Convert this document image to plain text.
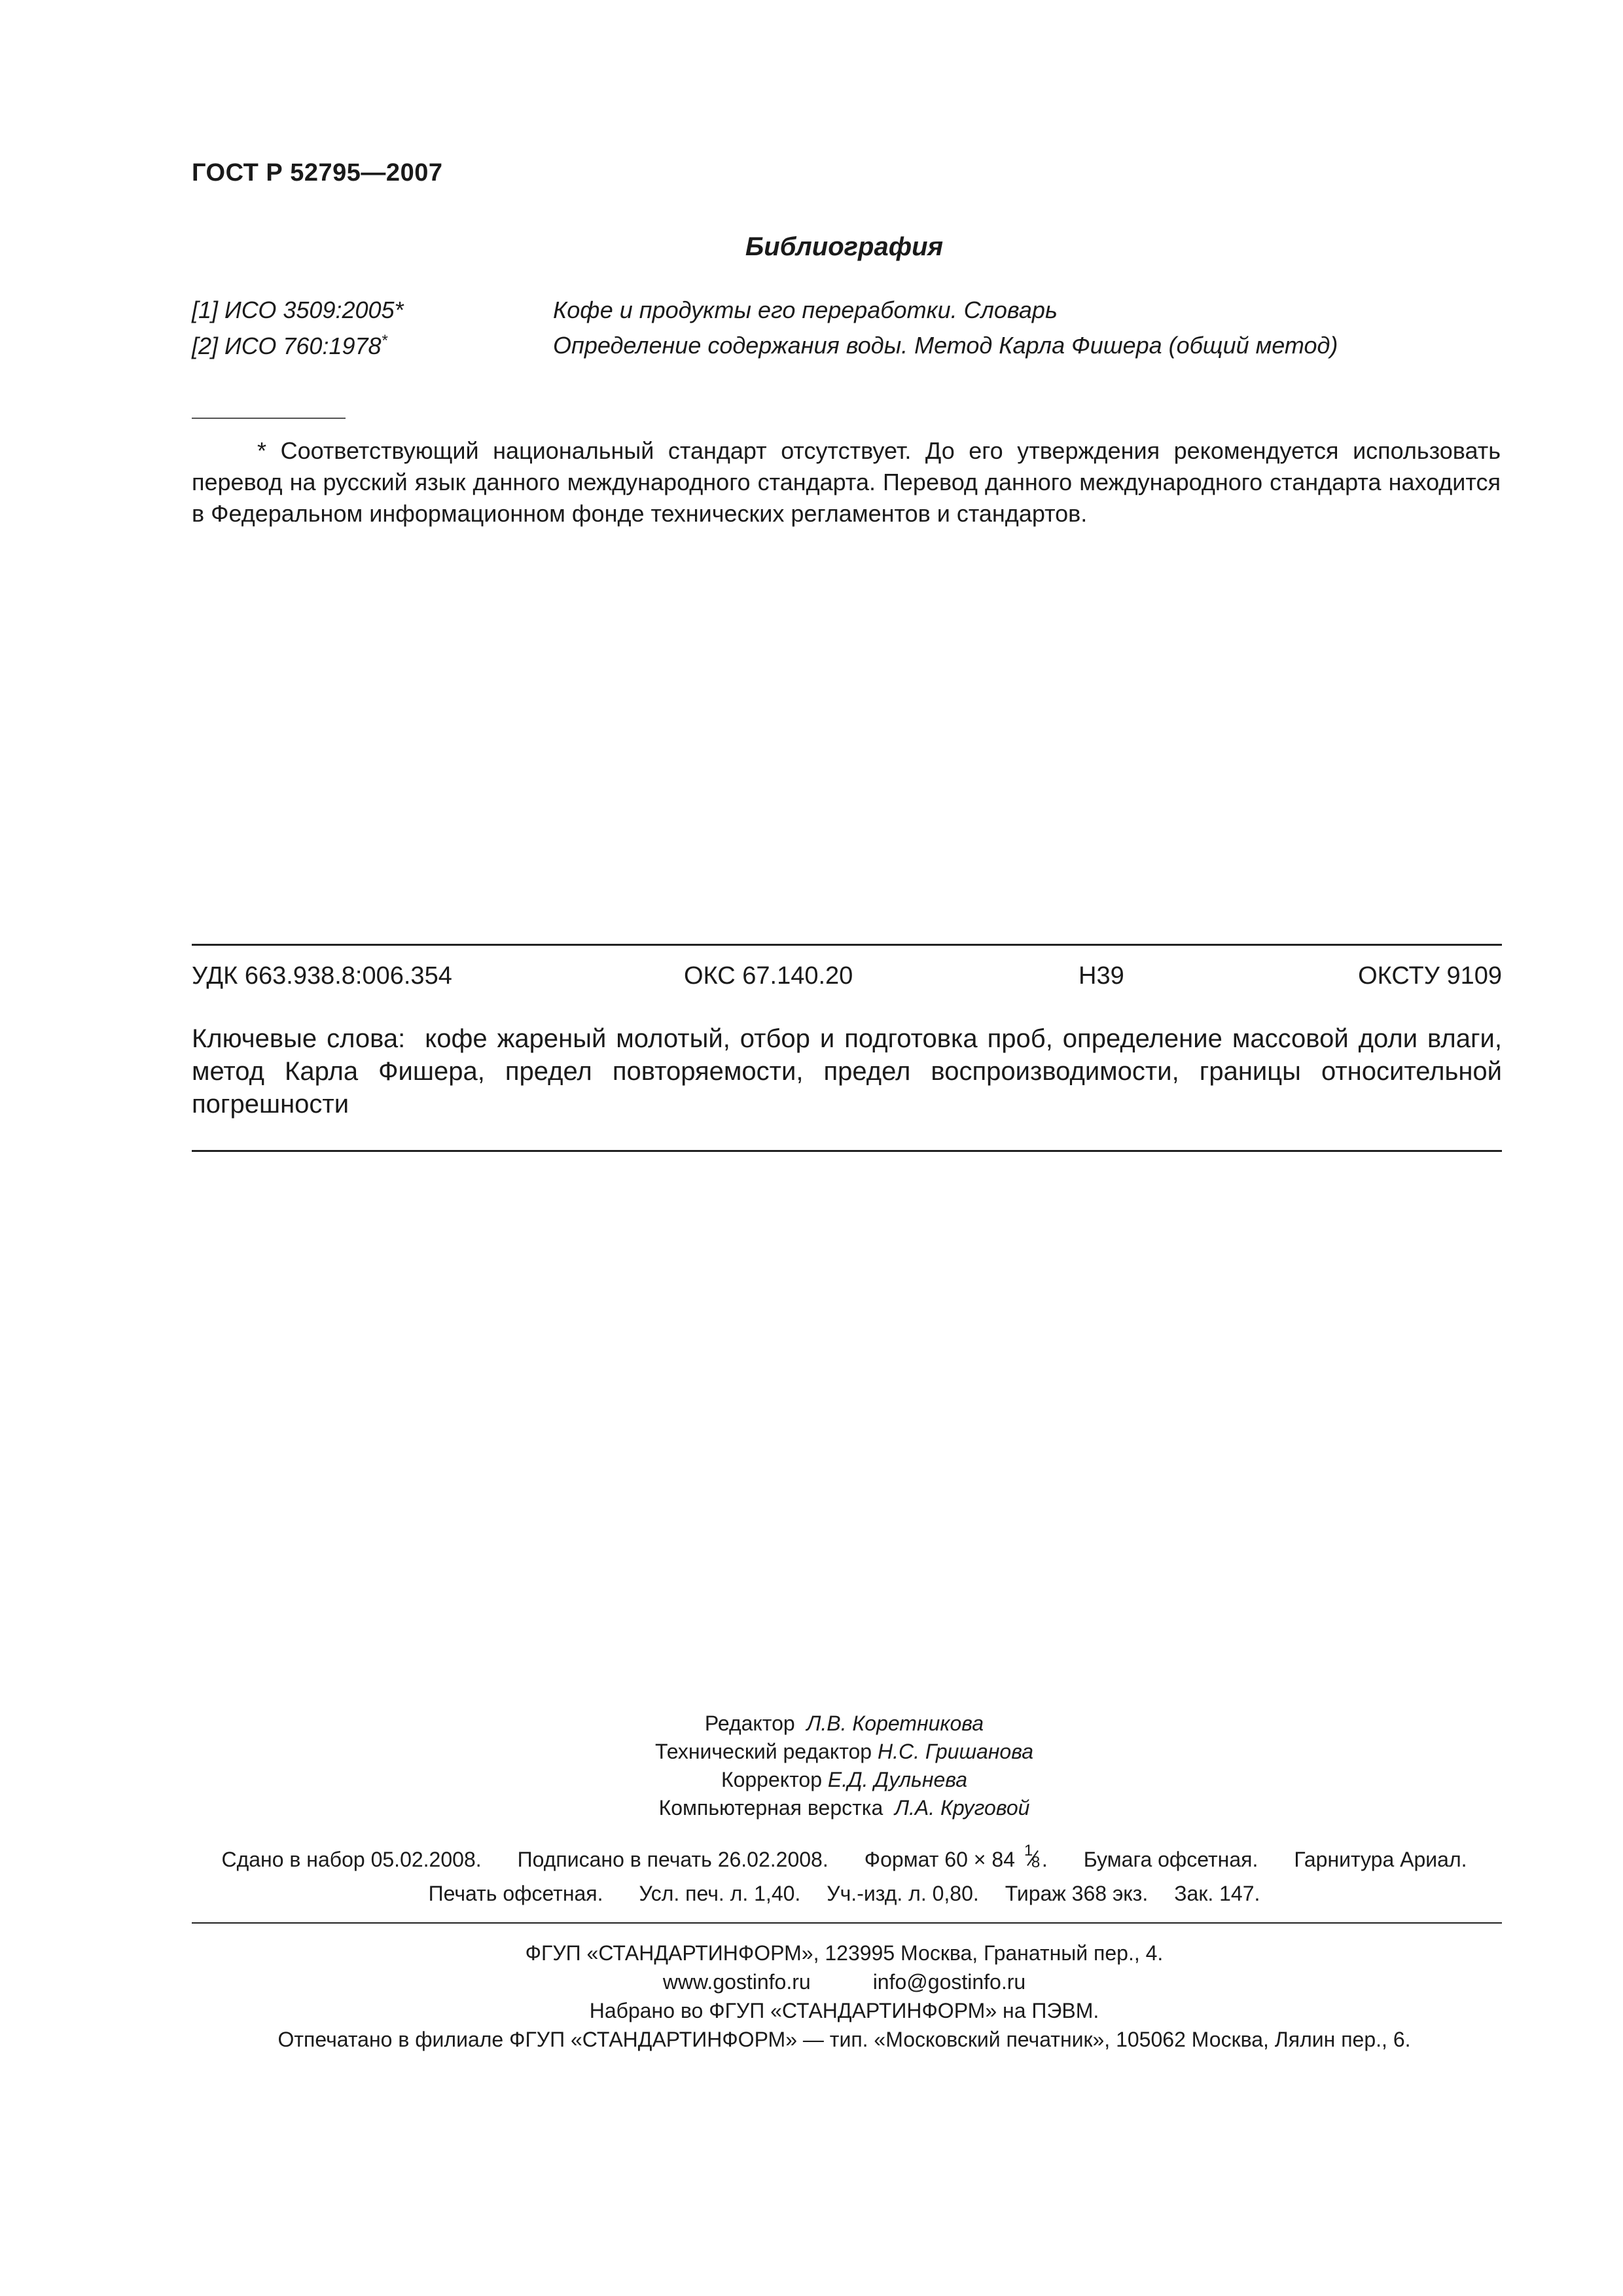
ГОСТ Р 52795—2007
Библиография
[1] ИСО 3509:2005*	Кофе и продукты его переработки. Словарь
[2] ИСО 760:1978*	Определение содержания воды. Метод Карла Фишера (общий метод)
* Соответствующий национальный стандарт отсутствует. До его утверждения рекомендуется использовать перевод на русский язык данного международного стандарта. Перевод данного международного стандарта находится в Федеральном информационном фонде технических регламентов и стандартов.
УДК 663.938.8:006.354	ОКС 67.140.20	Н39	ОКСТУ 9109
Ключевые слова: кофе жареный молотый, отбор и подготовка проб, определение массовой доли влаги, метод Карла Фишера, предел повторяемости, предел воспроизводимости, границы относительной погрешности
Редактор Л.В. Коретникова
Технический редактор Н.С. Гришанова
Корректор Е.Д. Дульнева
Компьютерная верстка Л.А. Круговой
Сдано в набор 05.02.2008. Подписано в печать 26.02.2008. Формат 60 × 84 1
8 . Бумага офсетная. Гарнитура Ариал.
Печать офсетная. Усл. печ. л. 1,40. Уч.-изд. л. 0,80. Тираж 368 экз. Зак. 147.
ФГУП «СТАНДАРТИНФОРМ», 123995 Москва, Гранатный пер., 4.
www.gostinfo.ru	info@gostinfo.ru
Набрано во ФГУП «СТАНДАРТИНФОРМ» на ПЭВМ.
Отпечатано в филиале ФГУП «СТАНДАРТИНФОРМ» — тип. «Московский печатник», 105062 Москва, Лялин пер., 6.
